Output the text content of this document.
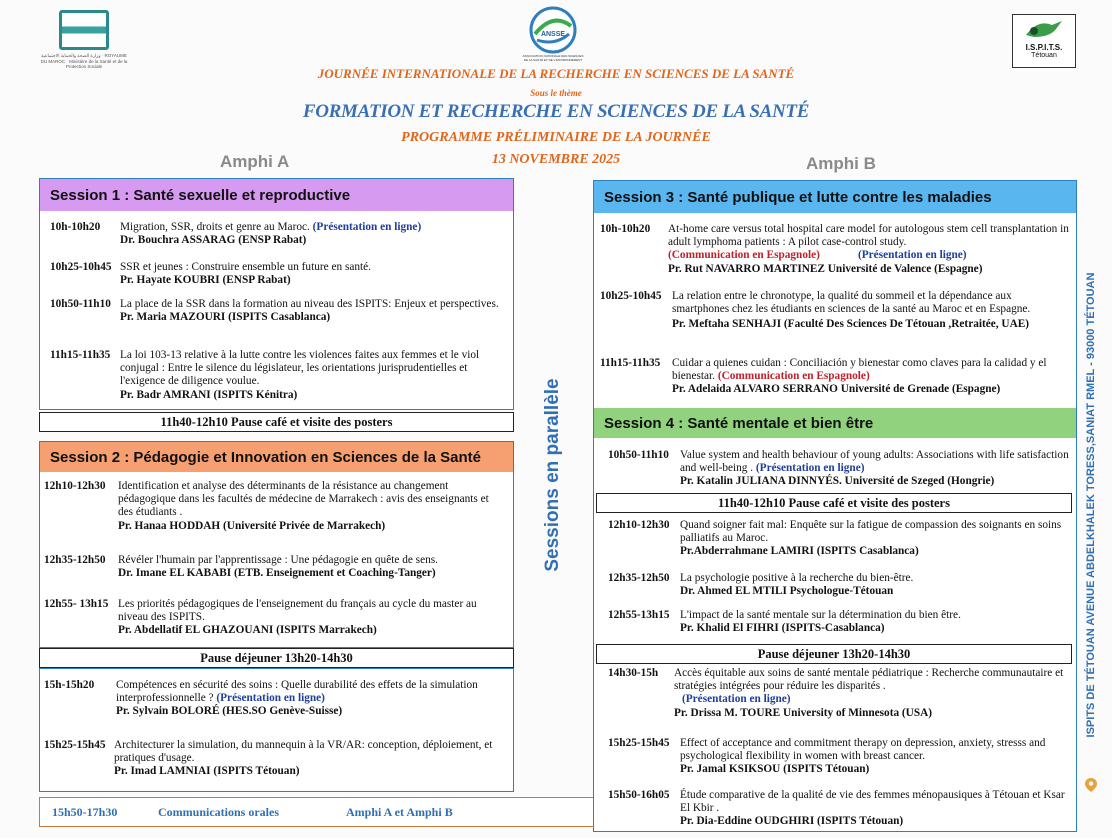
وزارة الصحة والحماية الاجتماعية · ROYAUME DU MAROC · Ministère de la Santé et de la Protection Sociale
ANSSE
ASSOCIATION NATIONALE DES SCIENCES DE LA SANTÉ ET DE L'ENVIRONNEMENT
I.S.P.I.T.S.
Tétouan
JOURNÉE INTERNATIONALE DE LA RECHERCHE EN SCIENCES DE LA SANTÉ
Sous le thème
FORMATION ET RECHERCHE EN SCIENCES DE LA SANTÉ
PROGRAMME PRÉLIMINAIRE DE LA JOURNÉE
13 NOVEMBRE 2025
Amphi A	Amphi B
Session 1 : Santé sexuelle et reproductive
10h-10h20 Migration, SSR, droits et genre au Maroc. (Présentation en ligne)
Dr. Bouchra ASSARAG (ENSP Rabat)
10h25-10h45 SSR et jeunes : Construire ensemble un future en santé.
Pr. Hayate KOUBRI (ENSP Rabat)
10h50-11h10 La place de la SSR dans la formation au niveau des ISPITS: Enjeux et perspectives.
Pr. Maria MAZOURI (ISPITS Casablanca)
11h15-11h35 La loi 103-13 relative à la lutte contre les violences faites aux femmes et le viol conjugal : Entre le silence du législateur, les orientations jurisprudentielles et l'exigence de diligence voulue.
Pr. Badr AMRANI (ISPITS Kénitra)
11h40-12h10 Pause café et visite des posters
Session 2 : Pédagogie et Innovation en Sciences de la Santé
12h10-12h30 Identification et analyse des déterminants de la résistance au changement pédagogique dans les facultés de médecine de Marrakech : avis des enseignants et des étudiants .
Pr. Hanaa HODDAH (Université Privée de Marrakech)
12h35-12h50 Révéler l'humain par l'apprentissage : Une pédagogie en quête de sens.
Dr. Imane EL KABABI (ETB. Enseignement et Coaching-Tanger)
12h55- 13h15 Les priorités pédagogiques de l'enseignement du français au cycle du master au niveau des ISPITS.
Pr. Abdellatif EL GHAZOUANI (ISPITS Marrakech)
Pause déjeuner 13h20-14h30
15h-15h20 Compétences en sécurité des soins : Quelle durabilité des effets de la simulation interprofessionnelle ? (Présentation en ligne)
Pr. Sylvain BOLORÉ (HES.SO Genève-Suisse)
15h25-15h45 Architecturer la simulation, du mannequin à la VR/AR: conception, déploiement, et pratiques d'usage.
Pr. Imad LAMNIAI (ISPITS Tétouan)
15h50-17h30	Communications orales	Amphi A et Amphi B
Sessions en parallèle
Session 3 : Santé publique et lutte contre les maladies
10h-10h20 At-home care versus total hospital care model for autologous stem cell transplantation in adult lymphoma patients : A pilot case-control study.
(Communication en Espagnole)	(Présentation en ligne)
Pr. Rut NAVARRO MARTINEZ Université de Valence (Espagne)
10h25-10h45 La relation entre le chronotype, la qualité du sommeil et la dépendance aux smartphones chez les étudiants en sciences de la santé au Maroc et en Espagne.
Pr. Meftaha SENHAJI (Faculté Des Sciences De Tétouan ,Retraitée, UAE)
11h15-11h35 Cuidar a quienes cuidan : Conciliación y bienestar como claves para la calidad y el bienestar. (Communication en Espagnole)
Pr. Adelaida ALVARO SERRANO Université de Grenade (Espagne)
Session 4 : Santé mentale et bien être
10h50-11h10 Value system and health behaviour of young adults: Associations with life satisfaction and well-being . (Présentation en ligne)
Pr. Katalin JULIANA DINNYÉS. Université de Szeged (Hongrie)
11h40-12h10 Pause café et visite des posters
12h10-12h30 Quand soigner fait mal: Enquête sur la fatigue de compassion des soignants en soins palliatifs au Maroc.
Pr.Abderrahmane LAMIRI (ISPITS Casablanca)
12h35-12h50 La psychologie positive à la recherche du bien-être.
Dr. Ahmed EL MTILI Psychologue-Tétouan
12h55-13h15 L'impact de la santé mentale sur la détermination du bien être.
Pr. Khalid El FIHRI (ISPITS-Casablanca)
Pause déjeuner 13h20-14h30
14h30-15h Accès équitable aux soins de santé mentale pédiatrique : Recherche communautaire et stratégies intégrées pour réduire les disparités .
(Présentation en ligne)
Pr. Drissa M. TOURE University of Minnesota (USA)
15h25-15h45 Effect of acceptance and commitment therapy on depression, anxiety, stresss and psychological flexibility in women with breast cancer.
Pr. Jamal KSIKSOU (ISPITS Tétouan)
15h50-16h05 Étude comparative de la qualité de vie des femmes ménopausiques à Tétouan et Ksar El Kbir .
Pr. Dia-Eddine OUDGHIRI (ISPITS Tétouan)
ISPITS DE TÉTOUAN AVENUE ABDELKHALEK TORESS,SANIAT RMEL - 93000 TÉTOUAN
